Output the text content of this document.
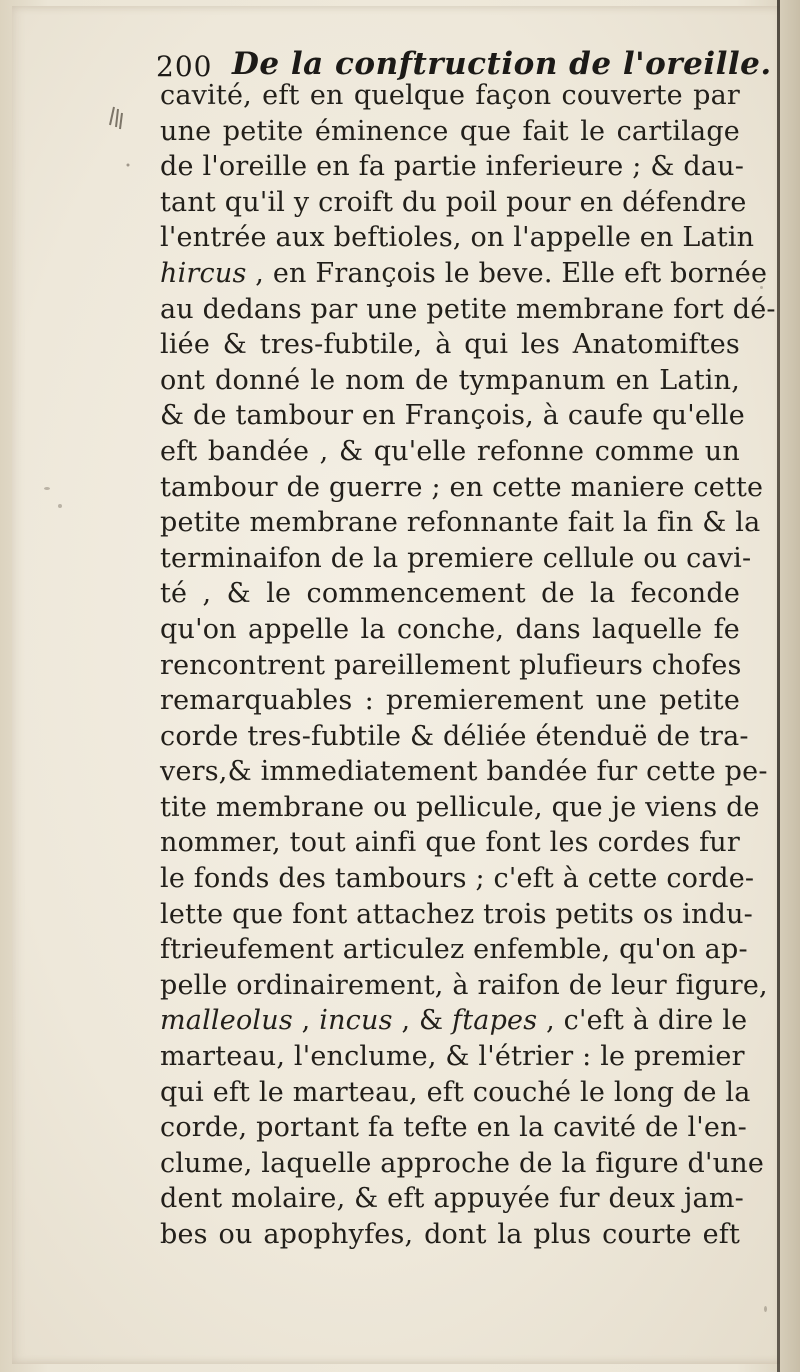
200 De la conftruction de l'oreille.
cavité, eft en quelque façon couverte par
une petite éminence que fait le cartilage
de l'oreille en fa partie inferieure ; & dau-
tant qu'il y croift du poil pour en défendre
l'entrée aux beftioles, on l'appelle en Latin
hircus , en François le beve. Elle eft bornée
au dedans par une petite membrane fort dé-
liée & tres-fubtile, à qui les Anatomiftes
ont donné le nom de tympanum en Latin,
& de tambour en François, à caufe qu'elle
eft bandée , & qu'elle refonne comme un
tambour de guerre ; en cette maniere cette
petite membrane refonnante fait la fin & la
terminaifon de la premiere cellule ou cavi-
té , & le commencement de la feconde
qu'on appelle la conche, dans laquelle fe
rencontrent pareillement plufieurs chofes
remarquables : premierement une petite
corde tres-fubtile & déliée étenduë de tra-
vers,& immediatement bandée fur cette pe-
tite membrane ou pellicule, que je viens de
nommer, tout ainfi que font les cordes fur
le fonds des tambours ; c'eft à cette corde-
lette que font attachez trois petits os indu-
ftrieufement articulez enfemble, qu'on ap-
pelle ordinairement, à raifon de leur figure,
malleolus , incus , & ftapes , c'eft à dire le
marteau, l'enclume, & l'étrier : le premier
qui eft le marteau, eft couché le long de la
corde, portant fa tefte en la cavité de l'en-
clume, laquelle approche de la figure d'une
dent molaire, & eft appuyée fur deux jam-
bes ou apophyfes, dont la plus courte eft
